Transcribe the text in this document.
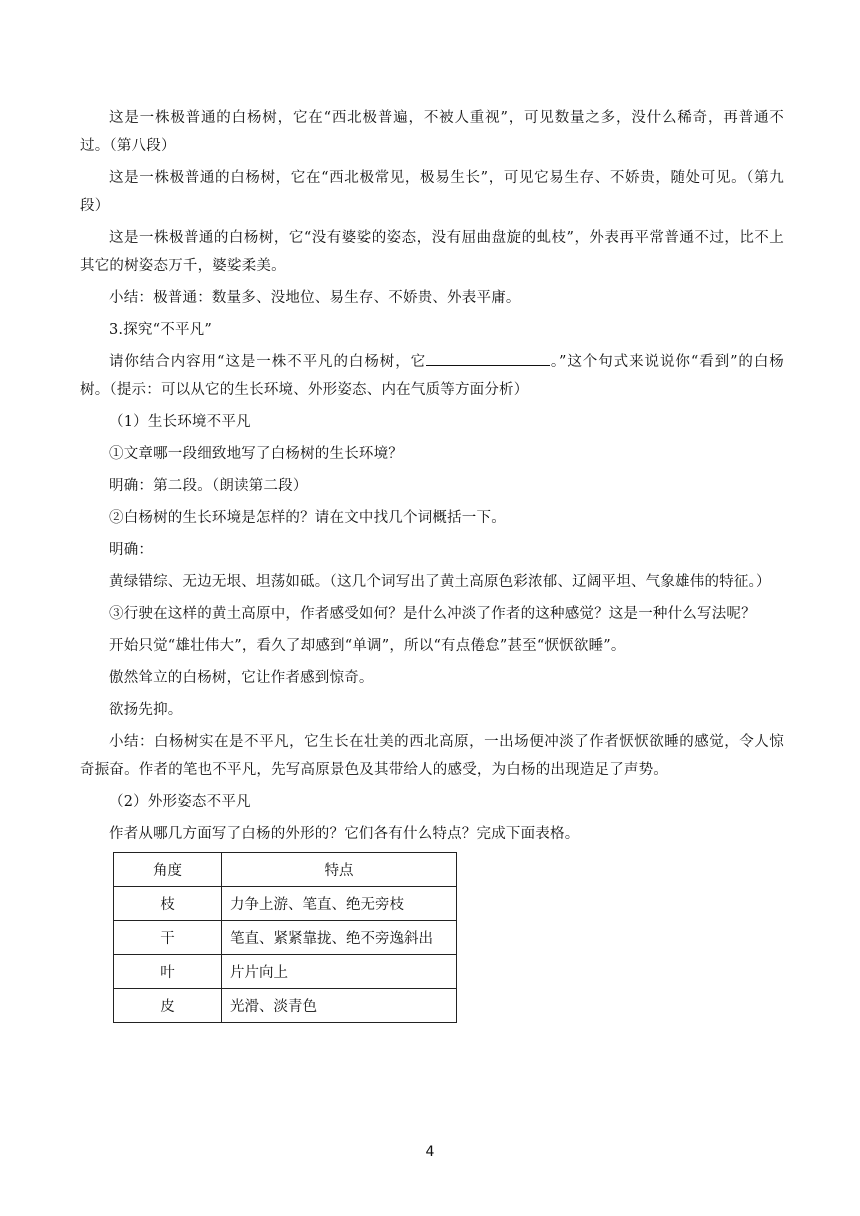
这是一株极普通的白杨树，它在“西北极普遍，不被人重视”，可见数量之多，没什么稀奇，再普通不过。（第八段）

这是一株极普通的白杨树，它在“西北极常见，极易生长”，可见它易生存、不娇贵，随处可见。（第九段）

这是一株极普通的白杨树，它“没有婆娑的姿态，没有屈曲盘旋的虬枝”，外表再平常普通不过，比不上其它的树姿态万千，婆娑柔美。

小结：极普通：数量多、没地位、易生存、不娇贵、外表平庸。

3.探究“不平凡”

请你结合内容用“这是一株不平凡的白杨树，它	。”这个句式来说说你“看到”的白杨树。（提示：可以从它的生长环境、外形姿态、内在气质等方面分析）

（1）生长环境不平凡

①文章哪一段细致地写了白杨树的生长环境？

明确：第二段。（朗读第二段）

②白杨树的生长环境是怎样的？请在文中找几个词概括一下。

明确：

黄绿错综、无边无垠、坦荡如砥。（这几个词写出了黄土高原色彩浓郁、辽阔平坦、气象雄伟的特征。）

③行驶在这样的黄土高原中，作者感受如何？是什么冲淡了作者的这种感觉？这是一种什么写法呢？

开始只觉“雄壮伟大”，看久了却感到“单调”，所以“有点倦怠”甚至“恹恹欲睡”。

傲然耸立的白杨树，它让作者感到惊奇。

欲扬先抑。

小结：白杨树实在是不平凡，它生长在壮美的西北高原，一出场便冲淡了作者恹恹欲睡的感觉，令人惊奇振奋。作者的笔也不平凡，先写高原景色及其带给人的感受，为白杨的出现造足了声势。

（2）外形姿态不平凡

作者从哪几方面写了白杨的外形的？它们各有什么特点？完成下面表格。

角度	特点
枝	力争上游、笔直、绝无旁枝
干	笔直、紧紧靠拢、绝不旁逸斜出
叶	片片向上
皮	光滑、淡青色
4
